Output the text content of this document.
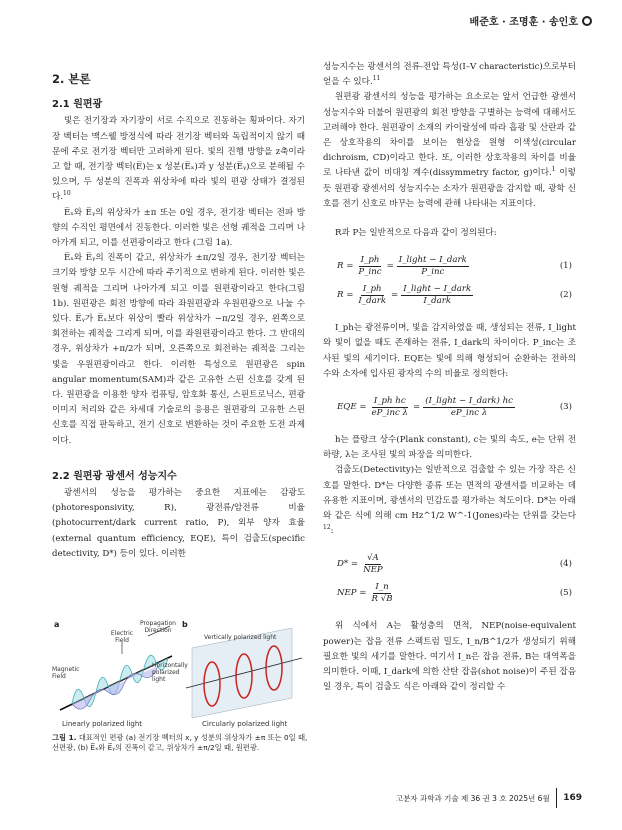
배준호 · 조명훈 · 송인호
2. 본론
2.1 원편광

빛은 전기장과 자기장이 서로 수직으로 진동하는 횡파이다. 자기장 벡터는 맥스웰 방정식에 따라 전기장 벡터와 독립적이지 않기 때문에 주로 전기장 벡터만 고려하게 된다. 빛의 진행 방향을 z축이라고 할 때, 전기장 벡터(E̅)는 x 성분(E̅ₓ)과 y 성분(E̅ᵧ)으로 분해될 수 있으며, 두 성분의 진폭과 위상차에 따라 빛의 편광 상태가 결정된다.$^{10}$

E̅ₓ와 E̅ᵧ의 위상차가 ±π 또는 0일 경우, 전기장 벡터는 전파 방향의 수직인 평면에서 진동한다. 이러한 빛은 선형 궤적을 그리며 나아가게 되고, 이를 선편광이라고 한다 (그림 1a).

E̅ₓ와 E̅ᵧ의 진폭이 같고, 위상차가 ±π/2일 경우, 전기장 벡터는 크기와 방향 모두 시간에 따라 주기적으로 변하게 된다. 이러한 빛은 원형 궤적을 그리며 나아가게 되고 이를 원편광이라고 한다(그림 1b). 원편광은 회전 방향에 따라 좌원편광과 우원편광으로 나눌 수 있다. E̅ᵧ가 E̅ₓ보다 위상이 빨라 위상차가 −π/2일 경우, 왼쪽으로 회전하는 궤적을 그리게 되며, 이를 좌원편광이라고 한다. 그 반대의 경우, 위상차가 +π/2가 되며, 오른쪽으로 회전하는 궤적을 그리는 빛을 우원편광이라고 한다. 이러한 특성으로 원편광은 spin angular momentum(SAM)과 같은 고유한 스핀 신호를 갖게 된다. 원편광을 이용한 양자 컴퓨팅, 암호화 통신, 스핀트로닉스, 편광 이미지 처리와 같은 차세대 기술로의 응용은 원편광의 고유한 스핀 신호를 직접 판독하고, 전기 신호로 변환하는 것이 주요한 도전 과제이다.

2.2 원편광 광센서 성능지수

광센서의 성능을 평가하는 중요한 지표에는 감광도(photoresponsivity, R), 광전류/암전류 비율(photocurrent/dark current ratio, P), 외부 양자 효율(external quantum efficiency, EQE), 특이 검출도(specific detectivity, D*) 등이 있다. 이러한

a	b
Propagation Direction
Electric Field
Magnetic Field
Vertically polarized light
Horizontally polarized light
Linearly polarized light	Circularly polarized light
그림 1. 대표적인 편광 (a) 전기장 벡터의 x, y 성분의 위상차가 ±π 또는 0일 때, 선편광, (b) E̅ₓ와 E̅ᵧ의 진폭이 같고, 위상차가 ±π/2일 때, 원편광.

성능지수는 광센서의 전류-전압 특성(I–V characteristic)으로부터 얻을 수 있다.$^{11}$

원편광 광센서의 성능을 평가하는 요소로는 앞서 언급한 광센서 성능지수와 더불어 원편광의 회전 방향을 구별하는 능력에 대해서도 고려해야 한다. 원편광이 소재의 카이랄성에 따라 흡광 및 산란과 같은 상호작용의 차이를 보이는 현상을 원형 이색성(circular dichroism, CD)이라고 한다. 또, 이러한 상호작용의 차이를 비율로 나타낸 값이 비대칭 계수(dissymmetry factor, g)이다.$^1$ 이렇듯 원편광 광센서의 성능지수는 소자가 원편광을 감지할 때, 광학 신호를 전기 신호로 바꾸는 능력에 관해 나타내는 지표이다.

R과 P는 일반적으로 다음과 같이 정의된다:

$R = \frac{I\_ph}{\text{P\_inc}} = \frac{\text{I\_light − I\_dark}}{\text{P\_inc}}$	(1)
$R = \frac{I\_ph}{\text{I\_dark}} = \frac{\text{I\_light − I\_dark}}{\text{I\_dark}}$	(2)

I_ph는 광전류이며, 빛을 감지하였을 때, 생성되는 전류, I_light와 빛이 없을 때도 존재하는 전류, I_dark의 차이이다. P_inc는 조사된 빛의 세기이다. EQE는 빛에 의해 형성되어 순환하는 전하의 수와 소자에 입사된 광자의 수의 비율로 정의한다:

EQE = $\frac{\text{I\_ph hc}}{\text{eP\_inc λ}} = \frac{\text{(I\_light − I\_dark) hc}}{\text{eP\_inc λ}}$	(3)

h는 플랑크 상수(Plank constant), c는 빛의 속도, e는 단위 전하량, λ는 조사된 빛의 파장을 의미한다.

검출도(Detectivity)는 일반적으로 검출할 수 있는 가장 작은 신호를 말한다. D*는 다양한 종류 또는 면적의 광센서를 비교하는 데 유용한 지표이며, 광센서의 민감도를 평가하는 척도이다. D*는 아래와 같은 식에 의해 cm Hz^1/2 W^-1(Jones)라는 단위를 갖는다$^{12}$:

$D* = \frac{√A}{\text{NEP}}$	(4)
NEP = $\frac{I\_n}{R √B}$	(5)

위 식에서 A는 활성층의 면적, NEP(noise-equivalent power)는 잡음 전류 스펙트럼 밀도, I_n/B^1/2가 생성되기 위해 필요한 빛의 세기를 말한다. 여기서 I_n은 잡음 전류, B는 대역폭을 의미한다. 이때, I_dark에 의한 산탄 잡음(shot noise)이 주된 잡음일 경우, 특이 검출도 식은 아래와 같이 정리할 수

고분자 과학과 기술 제 36 권 3 호 2025년 6월 169
